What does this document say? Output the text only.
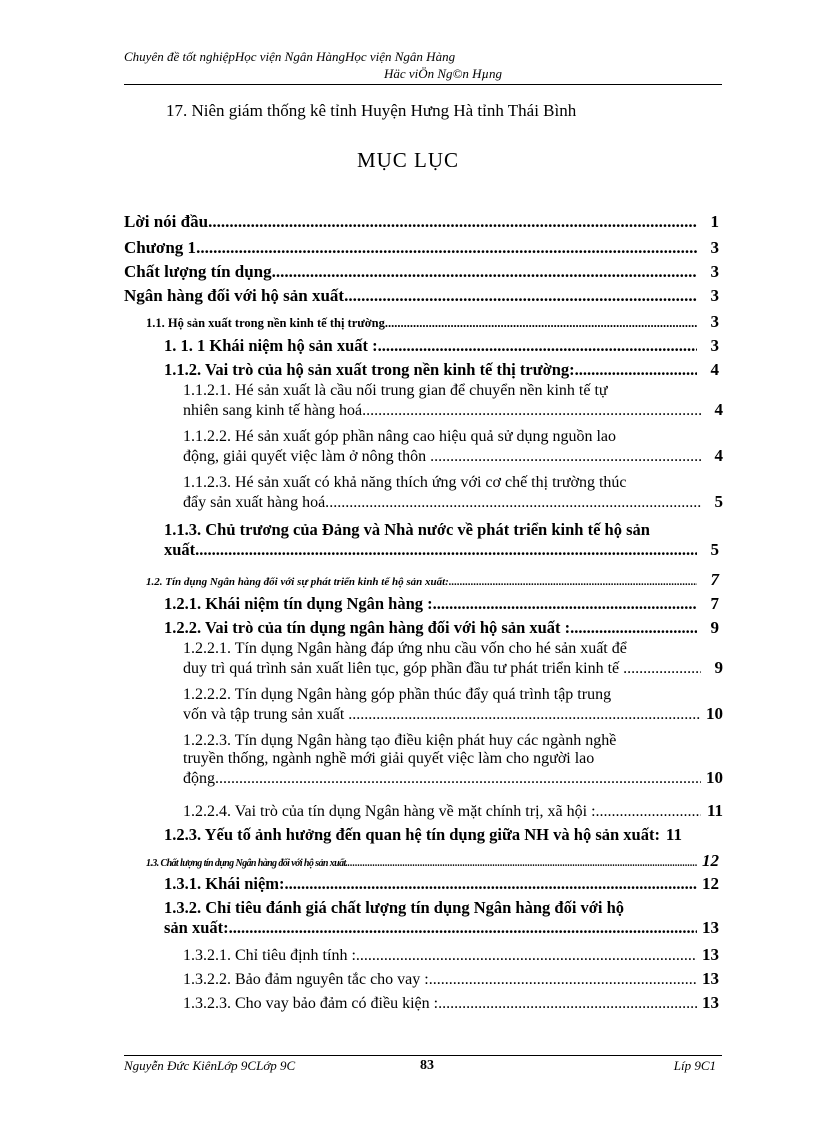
Chuyên đề tốt nghiệpHọc viện Ngân HàngHọc viện Ngân Hàng
Häc viÖn Ng©n Hµng
17. Niên giám thống kê tỉnh Huyện Hưng Hà tỉnh Thái Bình
MỤC LỤC
Lời nói đầu .....	1
Chương 1 .....	3
Chất lượng tín dụng .....	3
Ngân hàng đối với hộ sản xuất .....	3
1.1. Hộ sản xuất trong nền kinh tế thị trường. .....	3
1. 1. 1 Khái niệm hộ sản xuất : .....	3
1.1.2. Vai trò của hộ sản xuất trong nền kinh tế thị trường: .....	4
1.1.2.1. Hé sản xuất là cầu nối trung gian để chuyển nền kinh tế tự
nhiên sang kinh tế hàng hoá. .....	4
1.1.2.2. Hé sản xuất góp phần nâng cao hiệu quả sử dụng nguồn lao
động, giải quyết việc làm ở nông thôn . .....	4
1.1.2.3. Hé sản xuất có khả năng thích ứng với cơ chế thị trường thúc
đẩy sản xuất hàng hoá. .....	5
1.1.3. Chủ trương của Đảng và Nhà nước về phát triển kinh tế hộ sản
xuất .....	5
1.2. Tín dụng Ngân hàng đối với sự phát triển kinh tế hộ sản xuất: .....	7
1.2.1. Khái niệm tín dụng Ngân hàng : .....	7
1.2.2. Vai trò của tín dụng ngân hàng đối với hộ sản xuất : .....	9
1.2.2.1. Tín dụng Ngân hàng đáp ứng nhu cầu vốn cho hé sản xuất để
duy trì quá trình sản xuất liên tục, góp phần đầu tư phát triển kinh tế . .....	9
1.2.2.2. Tín dụng Ngân hàng góp phần thúc đẩy quá trình tập trung
vốn và tập trung sản xuất . .....	10
1.2.2.3. Tín dụng Ngân hàng tạo điều kiện phát huy các ngành nghề
truyền thống, ngành nghề mới giải quyết việc làm cho người lao
động .....	10
1.2.2.4. Vai trò của tín dụng Ngân hàng về mặt chính trị, xã hội : .....	11
1.2.3. Yếu tố ảnh hưởng đến quan hệ tín dụng giữa NH và hộ sản xuất: 11
1.3. Chất lượng tín dụng Ngân hàng đối với hộ sản xuất. .....	12
1.3.1. Khái niệm: .....	12
1.3.2. Chỉ tiêu đánh giá chất lượng tín dụng Ngân hàng đối với hộ
sản xuất: .....	13
1.3.2.1. Chỉ tiêu định tính : .....	13
1.3.2.2. Bảo đảm nguyên tắc cho vay : .....	13
1.3.2.3. Cho vay bảo đảm có điều kiện : .....	13
Nguyễn Đức KiênLớp 9CLớp 9C	83	Líp 9C1
